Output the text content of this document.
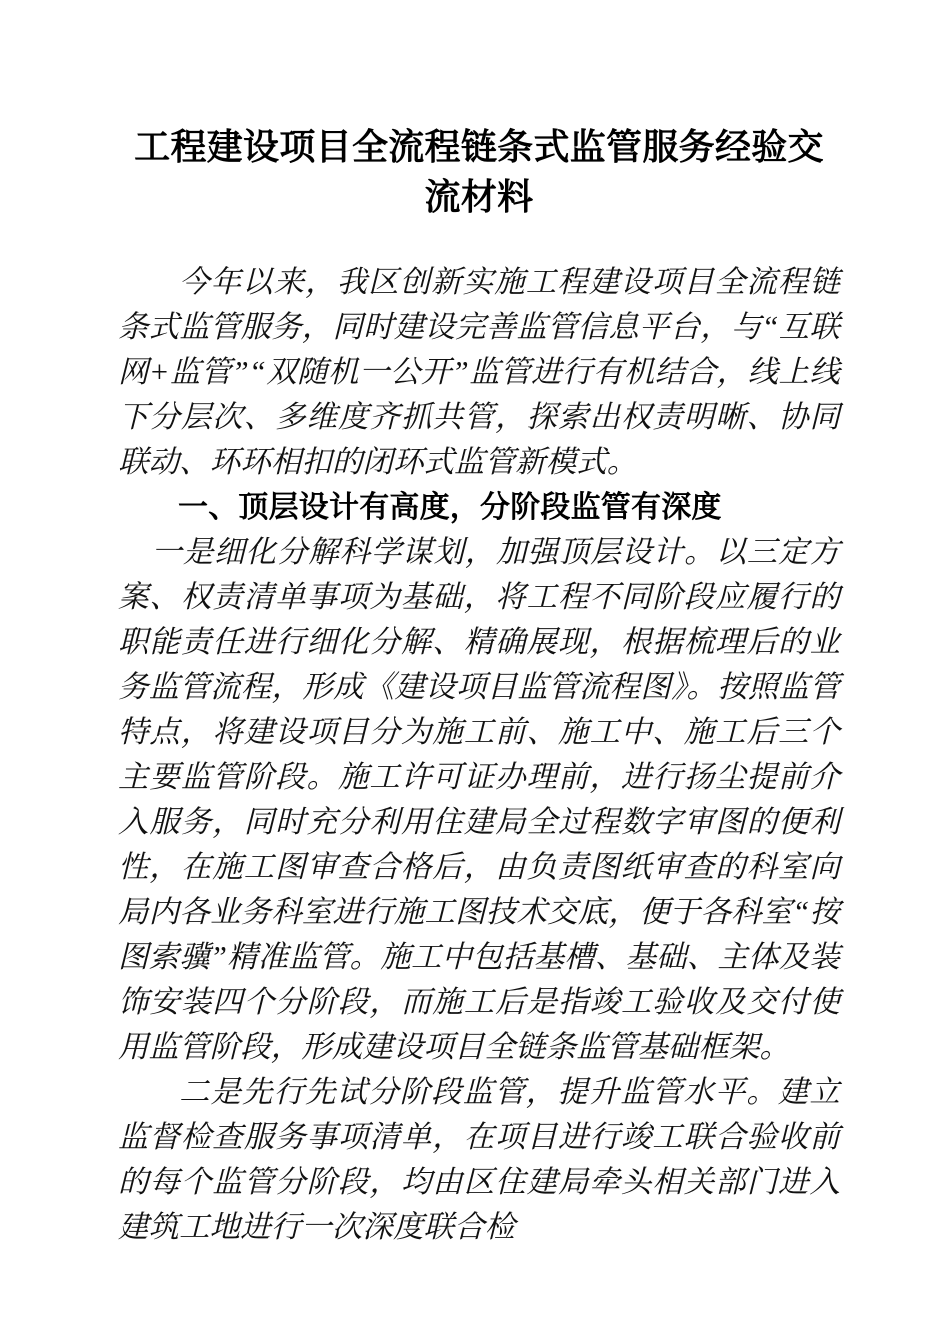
工程建设项目全流程链条式监管服务经验交流材料

今年以来，我区创新实施工程建设项目全流程链条式监管服务，同时建设完善监管信息平台，与“互联网+监管”“双随机一公开”监管进行有机结合，线上线下分层次、多维度齐抓共管，探索出权责明晰、协同联动、环环相扣的闭环式监管新模式。

一、顶层设计有高度，分阶段监管有深度

一是细化分解科学谋划，加强顶层设计。以三定方案、权责清单事项为基础，将工程不同阶段应履行的职能责任进行细化分解、精确展现，根据梳理后的业务监管流程，形成《建设项目监管流程图》。按照监管特点，将建设项目分为施工前、施工中、施工后三个主要监管阶段。施工许可证办理前，进行扬尘提前介入服务，同时充分利用住建局全过程数字审图的便利性，在施工图审查合格后，由负责图纸审查的科室向局内各业务科室进行施工图技术交底，便于各科室“按图索骥”精准监管。施工中包括基槽、基础、主体及装饰安装四个分阶段，而施工后是指竣工验收及交付使用监管阶段，形成建设项目全链条监管基础框架。

二是先行先试分阶段监管，提升监管水平。建立监督检查服务事项清单，在项目进行竣工联合验收前的每个监管分阶段，均由区住建局牵头相关部门进入建筑工地进行一次深度联合检
